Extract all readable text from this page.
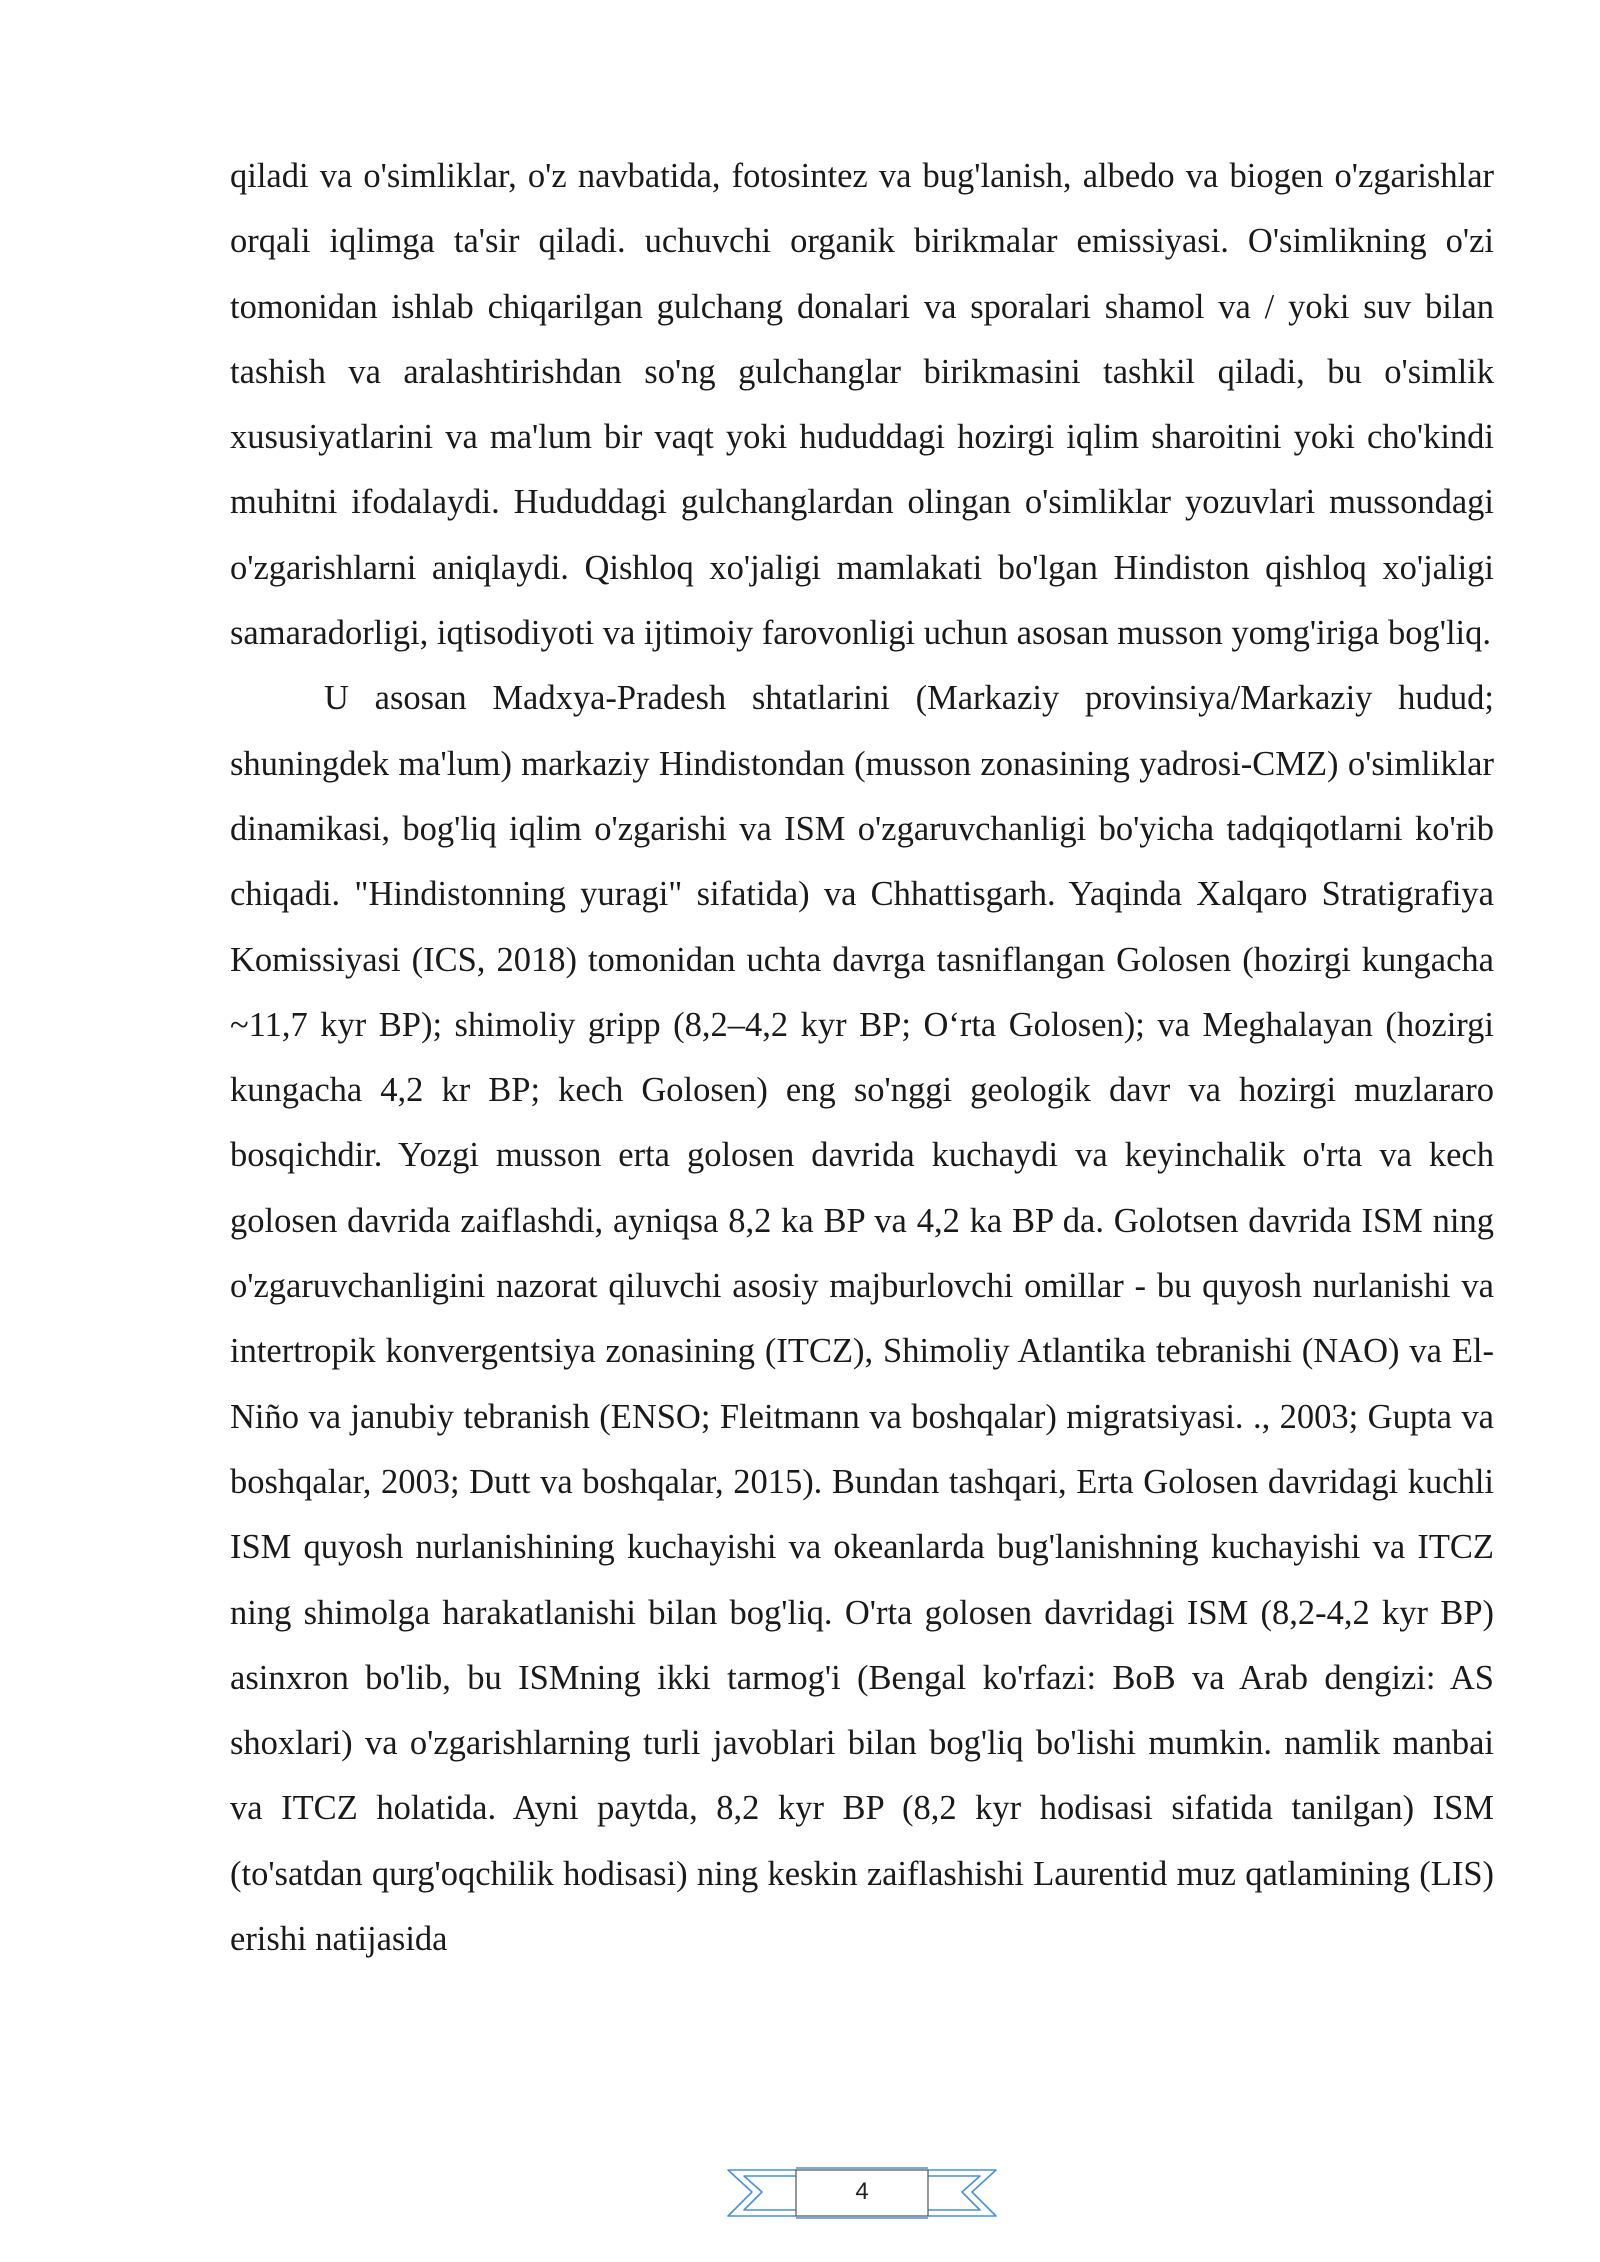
qiladi va o'simliklar, o'z navbatida, fotosintez va bug'lanish, albedo va biogen o'zgarishlar orqali iqlimga ta'sir qiladi. uchuvchi organik birikmalar emissiyasi. O'simlikning o'zi tomonidan ishlab chiqarilgan gulchang donalari va sporalari shamol va / yoki suv bilan tashish va aralashtirishdan so'ng gulchanglar birikmasini tashkil qiladi, bu o'simlik xususiyatlarini va ma'lum bir vaqt yoki hududdagi hozirgi iqlim sharoitini yoki cho'kindi muhitni ifodalaydi. Hududdagi gulchanglardan olingan o'simliklar yozuvlari mussondagi o'zgarishlarni aniqlaydi. Qishloq xo'jaligi mamlakati bo'lgan Hindiston qishloq xo'jaligi samaradorligi, iqtisodiyoti va ijtimoiy farovonligi uchun asosan musson yomg'iriga bog'liq.

U asosan Madxya-Pradesh shtatlarini (Markaziy provinsiya/Markaziy hudud; shuningdek ma'lum) markaziy Hindistondan (musson zonasining yadrosi-CMZ) o'simliklar dinamikasi, bog'liq iqlim o'zgarishi va ISM o'zgaruvchanligi bo'yicha tadqiqotlarni ko'rib chiqadi. "Hindistonning yuragi" sifatida) va Chhattisgarh. Yaqinda Xalqaro Stratigrafiya Komissiyasi (ICS, 2018) tomonidan uchta davrga tasniflangan Golosen (hozirgi kungacha ~11,7 kyr BP); shimoliy gripp (8,2–4,2 kyr BP; O‘rta Golosen); va Meghalayan (hozirgi kungacha 4,2 kr BP; kech Golosen) eng so'nggi geologik davr va hozirgi muzlararo bosqichdir. Yozgi musson erta golosen davrida kuchaydi va keyinchalik o'rta va kech golosen davrida zaiflashdi, ayniqsa 8,2 ka BP va 4,2 ka BP da. Golotsen davrida ISM ning o'zgaruvchanligini nazorat qiluvchi asosiy majburlovchi omillar - bu quyosh nurlanishi va intertropik konvergentsiya zonasining (ITCZ), Shimoliy Atlantika tebranishi (NAO) va El-Niño va janubiy tebranish (ENSO; Fleitmann va boshqalar) migratsiyasi. ., 2003; Gupta va boshqalar, 2003; Dutt va boshqalar, 2015). Bundan tashqari, Erta Golosen davridagi kuchli ISM quyosh nurlanishining kuchayishi va okeanlarda bug'lanishning kuchayishi va ITCZ ning shimolga harakatlanishi bilan bog'liq. O'rta golosen davridagi ISM (8,2-4,2 kyr BP) asinxron bo'lib, bu ISMning ikki tarmog'i (Bengal ko'rfazi: BoB va Arab dengizi: AS shoxlari) va o'zgarishlarning turli javoblari bilan bog'liq bo'lishi mumkin. namlik manbai va ITCZ holatida. Ayni paytda, 8,2 kyr BP (8,2 kyr hodisasi sifatida tanilgan) ISM (to'satdan qurg'oqchilik hodisasi) ning keskin zaiflashishi Laurentid muz qatlamining (LIS) erishi natijasida

4
